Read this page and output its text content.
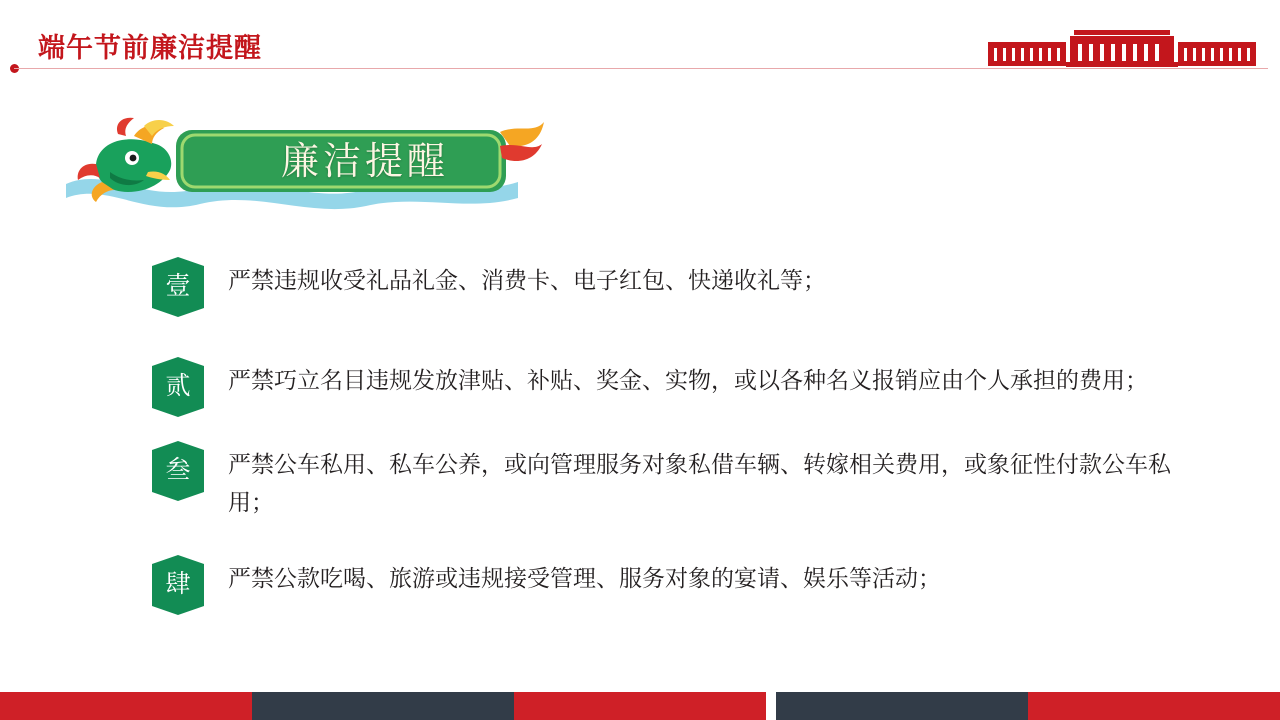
端午节前廉洁提醒
廉洁提醒
壹	严禁违规收受礼品礼金、消费卡、电子红包、快递收礼等；
贰	严禁巧立名目违规发放津贴、补贴、奖金、实物，或以各种名义报销应由个人承担的费用；
叁	严禁公车私用、私车公养，或向管理服务对象私借车辆、转嫁相关费用，或象征性付款公车私用；
肆	严禁公款吃喝、旅游或违规接受管理、服务对象的宴请、娱乐等活动；
